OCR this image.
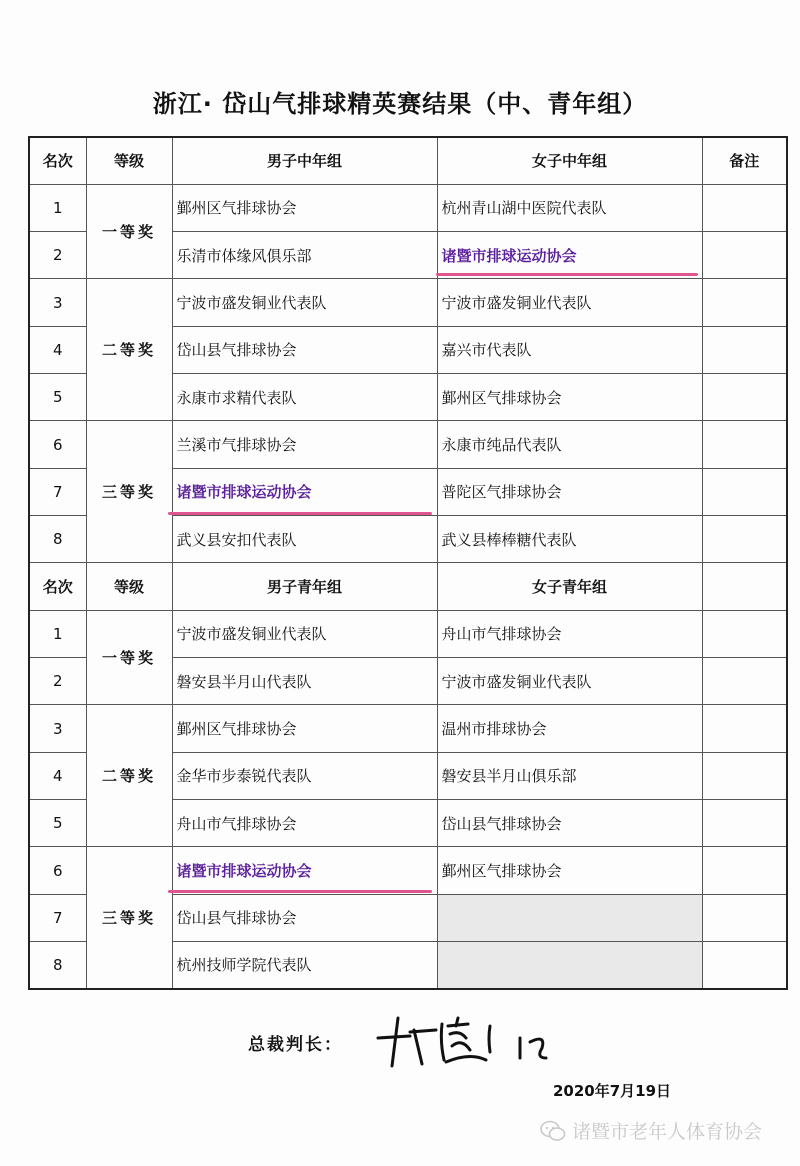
浙江· 岱山气排球精英赛结果（中、青年组）
名次	等级	男子中年组	女子中年组	备注
1	一等奖	鄞州区气排球协会	杭州青山湖中医院代表队	
2		乐清市体缘风俱乐部	诸暨市排球运动协会	
3	二等奖	宁波市盛发铜业代表队	宁波市盛发铜业代表队	
4		岱山县气排球协会	嘉兴市代表队	
5		永康市求精代表队	鄞州区气排球协会	
6	三等奖	兰溪市气排球协会	永康市纯品代表队	
7		诸暨市排球运动协会	普陀区气排球协会	
8		武义县安扣代表队	武义县棒棒糖代表队	
名次	等级	男子青年组	女子青年组	
1	一等奖	宁波市盛发铜业代表队	舟山市气排球协会	
2		磐安县半月山代表队	宁波市盛发铜业代表队	
3	二等奖	鄞州区气排球协会	温州市排球协会	
4		金华市步泰锐代表队	磐安县半月山俱乐部	
5		舟山市气排球协会	岱山县气排球协会	
6	三等奖	诸暨市排球运动协会	鄞州区气排球协会	
7		岱山县气排球协会		
8		杭州技师学院代表队		
总裁判长：
2020年7月19日
诸暨市老年人体育协会
